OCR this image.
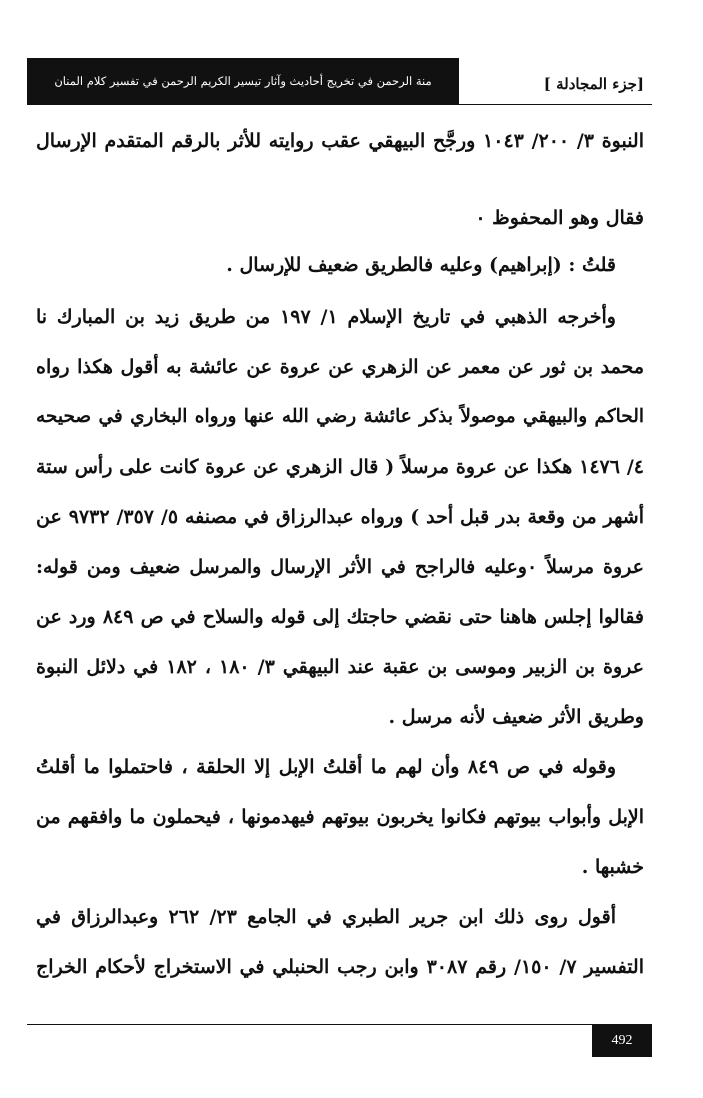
منة الرحمن في تخريج أحاديث وآثار تيسير الكريم الرحمن في تفسير كلام المنان	[جزء المجادلة ]
النبوة ٣/ ٢٠٠/ ١٠٤٣ ورجَّح البيهقي عقب روايته للأثر بالرقم المتقدم الإرسال
فقال وهو المحفوظ ٠
قلتُ : (إبراهيم) وعليه فالطريق ضعيف للإرسال .
وأخرجه الذهبي في تاريخ الإسلام ١/ ١٩٧ من طريق زيد بن المبارك نا
محمد بن ثور عن معمر عن الزهري عن عروة عن عائشة به أقول هكذا رواه
الحاكم والبيهقي موصولاً بذكر عائشة رضي الله عنها ورواه البخاري في صحيحه
٤/ ١٤٧٦ هكذا عن عروة مرسلاً ( قال الزهري عن عروة كانت على رأس ستة
أشهر من وقعة بدر قبل أحد ) ورواه عبدالرزاق في مصنفه ٥/ ٣٥٧/ ٩٧٣٢ عن
عروة مرسلاً ٠وعليه فالراجح في الأثر الإرسال والمرسل ضعيف ومن قوله:
فقالوا إجلس هاهنا حتى نقضي حاجتك إلى قوله والسلاح في ص ٨٤٩ ورد عن
عروة بن الزبير وموسى بن عقبة عند البيهقي ٣/ ١٨٠ ، ١٨٢ في دلائل النبوة
وطريق الأثر ضعيف لأنه مرسل .
وقوله في ص ٨٤٩ وأن لهم ما أقلتُ الإبل إلا الحلقة ، فاحتملوا ما أقلتُ
الإبل وأبواب بيوتهم فكانوا يخربون بيوتهم فيهدمونها ، فيحملون ما وافقهم من
خشبها .
أقول روى ذلك ابن جرير الطبري في الجامع ٢٣/ ٢٦٢ وعبدالرزاق في
التفسير ٧/ ١٥٠/ رقم ٣٠٨٧ وابن رجب الحنبلي في الاستخراج لأحكام الخراج
492
